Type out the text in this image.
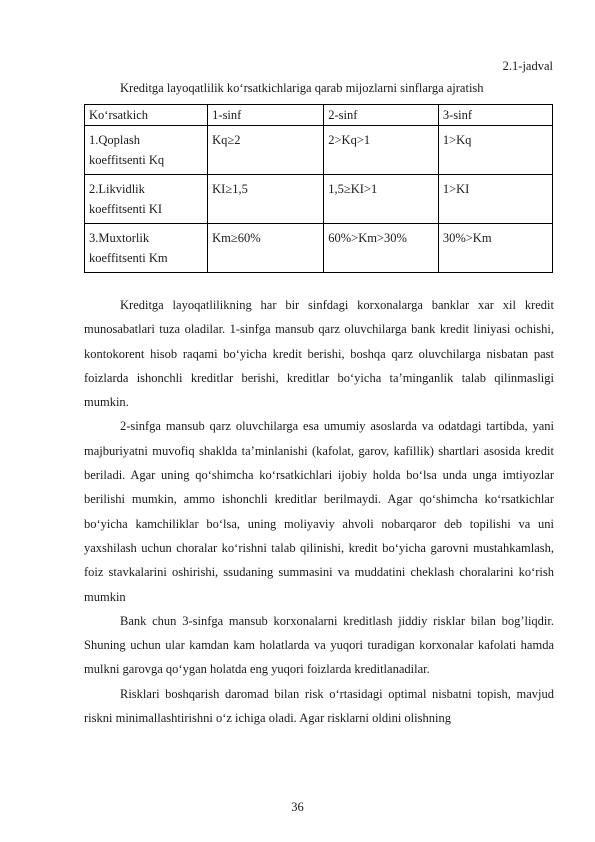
2.1-jadval
Kreditga layoqatlilik ko‘rsatkichlariga qarab mijozlarni sinflarga ajratish
Ko‘rsatkich	1-sinf	2-sinf	3-sinf

1.Qoplash
koeffitsenti Kq	Kq≥2	2>Kq>1	1>Kq

2.Likvidlik
koeffitsenti KI	KI≥1,5	1,5≥KI>1	1>KI

3.Muxtorlik
koeffitsenti Km	Km≥60%	60%>Km>30%	30%>Km

Kreditga layoqatlilikning har bir sinfdagi korxonalarga banklar xar xil kredit munosabatlari tuza oladilar. 1-sinfga mansub qarz oluvchilarga bank kredit liniyasi ochishi, kontokorent hisob raqami bo‘yicha kredit berishi, boshqa qarz oluvchilarga nisbatan past foizlarda ishonchli kreditlar berishi, kreditlar bo‘yicha ta’minganlik talab qilinmasligi mumkin.

2-sinfga mansub qarz oluvchilarga esa umumiy asoslarda va odatdagi tartibda, yani majburiyatni muvofiq shaklda ta’minlanishi (kafolat, garov, kafillik) shartlari asosida kredit beriladi. Agar uning qo‘shimcha ko‘rsatkichlari ijobiy holda bo‘lsa unda unga imtiyozlar berilishi mumkin, ammo ishonchli kreditlar berilmaydi. Agar qo‘shimcha ko‘rsatkichlar bo‘yicha kamchiliklar bo‘lsa, uning moliyaviy ahvoli nobarqaror deb topilishi va uni yaxshilash uchun choralar ko‘rishni talab qilinishi, kredit bo‘yicha garovni mustahkamlash, foiz stavkalarini oshirishi, ssudaning summasini va muddatini cheklash choralarini ko‘rish mumkin

Bank chun 3-sinfga mansub korxonalarni kreditlash jiddiy risklar bilan bog’liqdir. Shuning uchun ular kamdan kam holatlarda va yuqori turadigan korxonalar kafolati hamda mulkni garovga qo‘ygan holatda eng yuqori foizlarda kreditlanadilar.

Risklari boshqarish daromad bilan risk o‘rtasidagi optimal nisbatni topish, mavjud riskni minimallashtirishni o‘z ichiga oladi. Agar risklarni oldini olishning

36
